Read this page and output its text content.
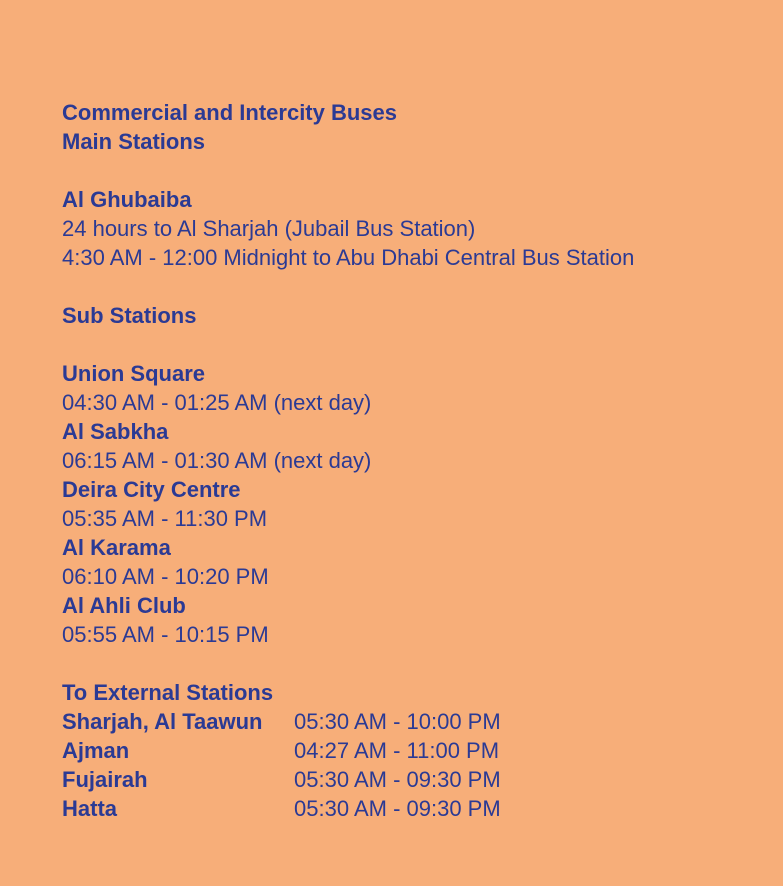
Commercial and Intercity Buses
Main Stations
Al Ghubaiba
24 hours to Al Sharjah (Jubail Bus Station)
4:30 AM - 12:00 Midnight to Abu Dhabi Central Bus Station
Sub Stations
Union Square
04:30 AM - 01:25 AM (next day)
Al Sabkha
06:15 AM - 01:30 AM (next day)
Deira City Centre
05:35 AM - 11:30 PM
Al Karama
06:10 AM - 10:20 PM
Al Ahli Club
05:55 AM - 10:15 PM
To External Stations
Sharjah, Al Taawun	05:30 AM - 10:00 PM
Ajman	04:27 AM - 11:00 PM
Fujairah	05:30 AM - 09:30 PM
Hatta	05:30 AM - 09:30 PM
